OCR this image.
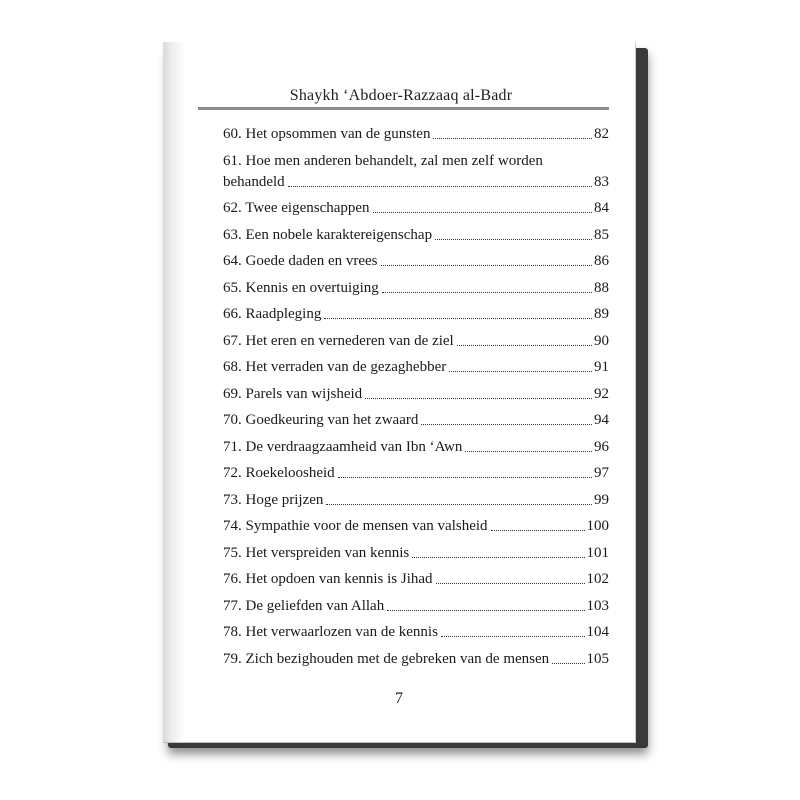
Shaykh ‘Abdoer-Razzaaq al-Badr
60. Het opsommen van de gunsten	82
61. Hoe men anderen behandelt, zal men zelf worden
behandeld	83
62. Twee eigenschappen	84
63. Een nobele karaktereigenschap	85
64. Goede daden en vrees	86
65. Kennis en overtuiging	88
66. Raadpleging	89
67. Het eren en vernederen van de ziel	90
68. Het verraden van de gezaghebber	91
69. Parels van wijsheid	92
70. Goedkeuring van het zwaard	94
71. De verdraagzaamheid van Ibn ‘Awn	96
72. Roekeloosheid	97
73. Hoge prijzen	99
74. Sympathie voor de mensen van valsheid	100
75. Het verspreiden van kennis	101
76. Het opdoen van kennis is Jihad	102
77. De geliefden van Allah	103
78. Het verwaarlozen van de kennis	104
79. Zich bezighouden met de gebreken van de mensen 105
7
